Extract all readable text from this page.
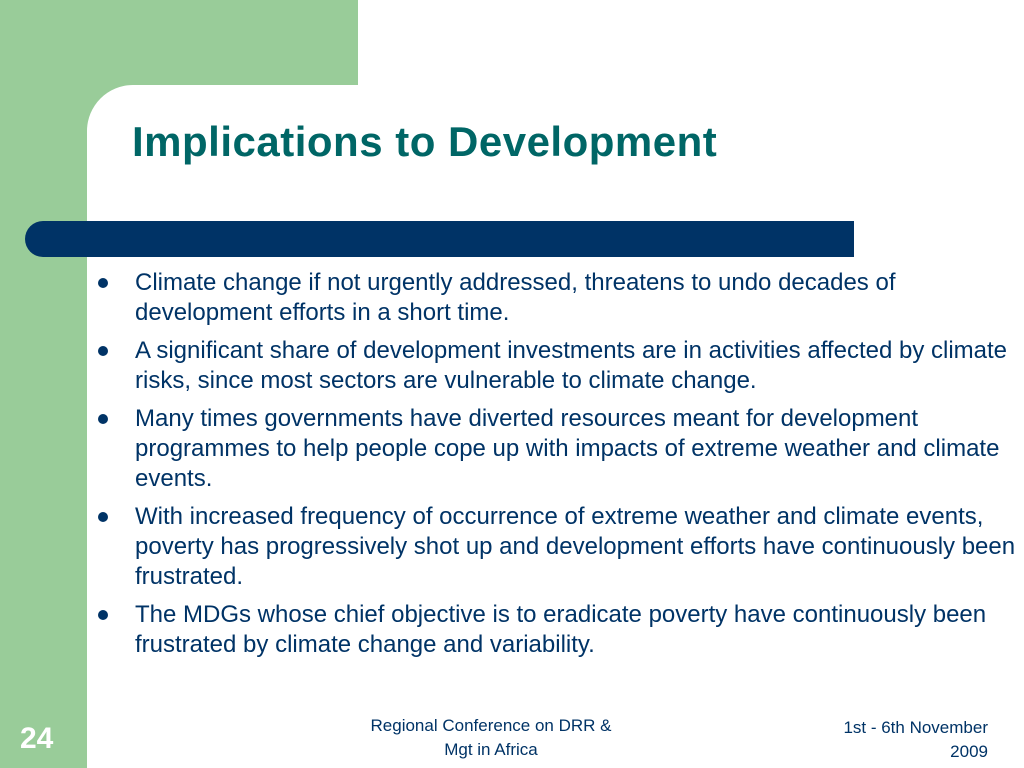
Implications to Development
Climate change if not urgently addressed, threatens to undo decades of development efforts in a short time.
A significant share of development investments are in activities affected by climate risks, since most sectors are vulnerable to climate change.
Many times governments have diverted resources meant for development programmes to help people cope up with impacts of extreme weather and climate events.
With increased frequency of occurrence of extreme weather and climate events, poverty has progressively shot up and development efforts have continuously been frustrated.
The MDGs whose chief objective is to eradicate poverty have continuously been frustrated by climate change and variability.
24	Regional Conference on DRR &
Mgt in Africa
1st - 6th November
2009
